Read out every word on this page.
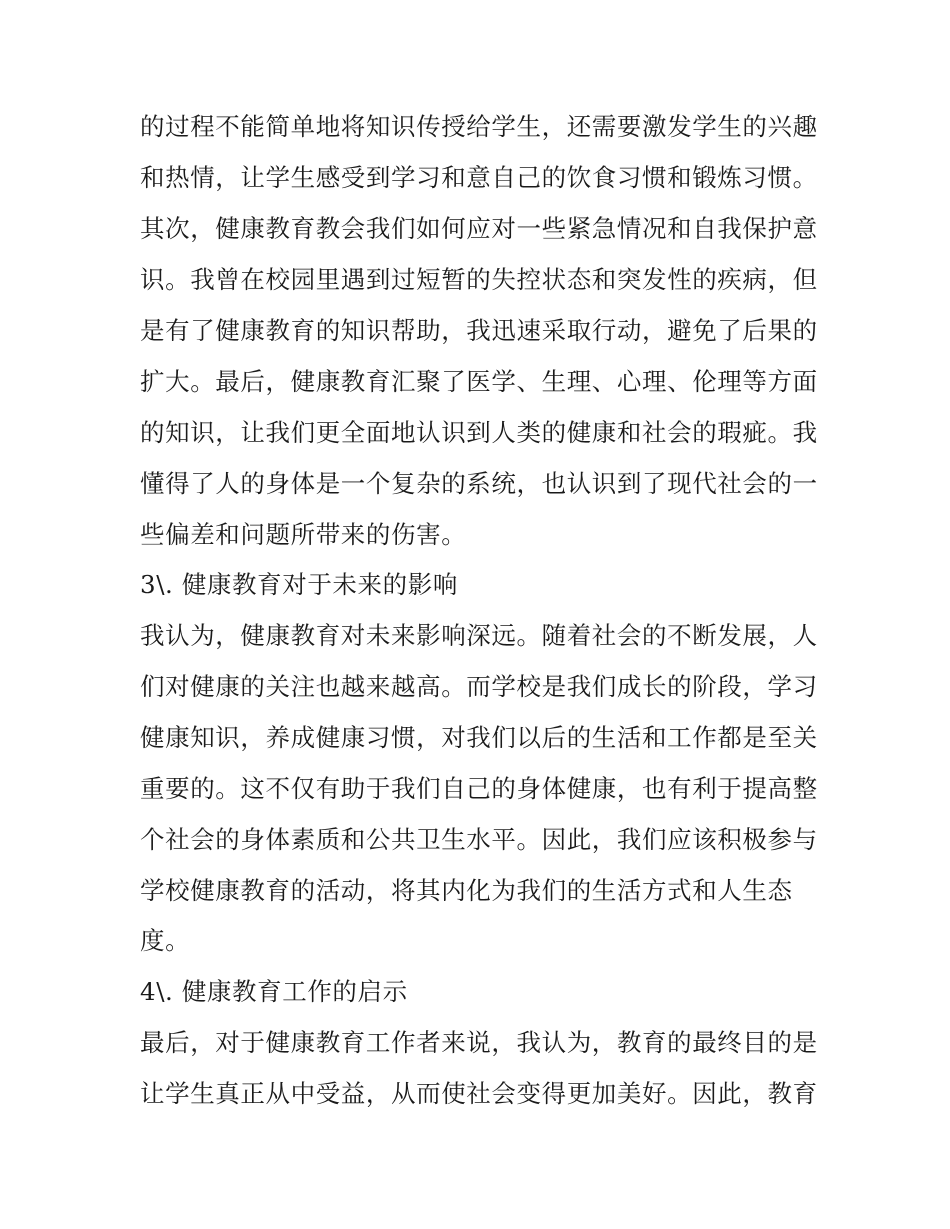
的过程不能简单地将知识传授给学生，还需要激发学生的兴趣
和热情，让学生感受到学习和意自己的饮食习惯和锻炼习惯。
其次，健康教育教会我们如何应对一些紧急情况和自我保护意
识。我曾在校园里遇到过短暂的失控状态和突发性的疾病，但
是有了健康教育的知识帮助，我迅速采取行动，避免了后果的
扩大。最后，健康教育汇聚了医学、生理、心理、伦理等方面
的知识，让我们更全面地认识到人类的健康和社会的瑕疵。我
懂得了人的身体是一个复杂的系统，也认识到了现代社会的一
些偏差和问题所带来的伤害。
3\. 健康教育对于未来的影响
我认为，健康教育对未来影响深远。随着社会的不断发展，人
们对健康的关注也越来越高。而学校是我们成长的阶段，学习
健康知识，养成健康习惯，对我们以后的生活和工作都是至关
重要的。这不仅有助于我们自己的身体健康，也有利于提高整
个社会的身体素质和公共卫生水平。因此，我们应该积极参与
学校健康教育的活动，将其内化为我们的生活方式和人生态
度。
4\. 健康教育工作的启示
最后，对于健康教育工作者来说，我认为，教育的最终目的是
让学生真正从中受益，从而使社会变得更加美好。因此，教育
